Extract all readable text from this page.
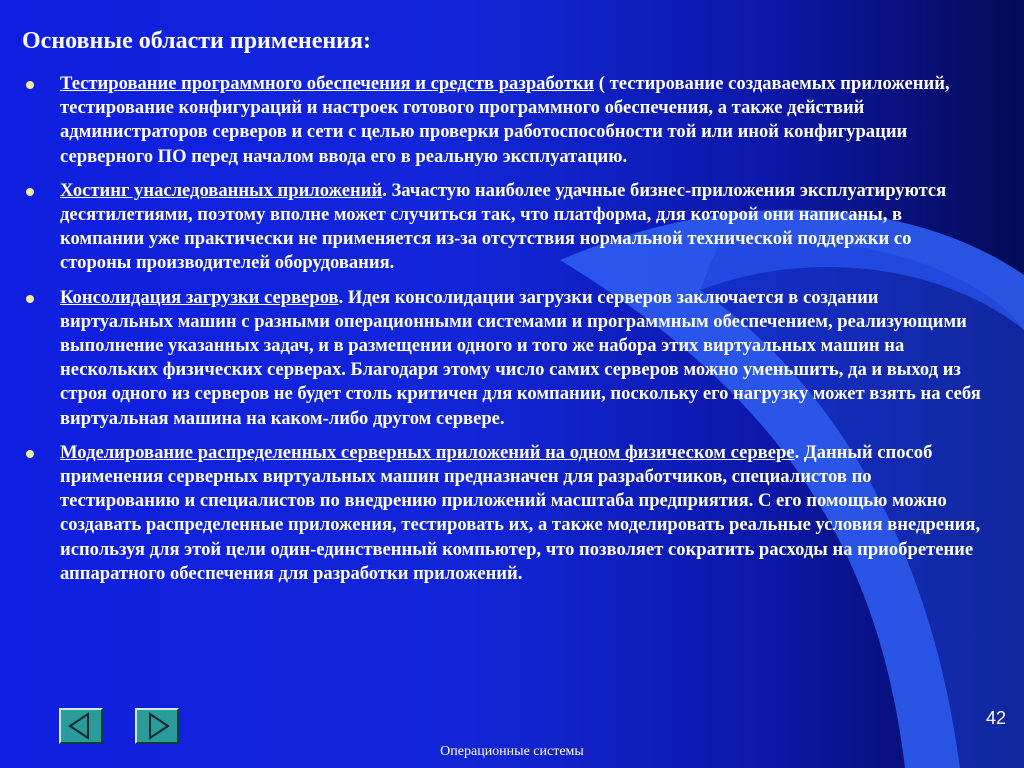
Основные области применения:
Тестирование программного обеспечения и средств разработки ( тестирование создаваемых приложений, тестирование конфигураций и настроек готового программного обеспечения, а также действий администраторов серверов и сети с целью проверки работоспособности той или иной конфигурации серверного ПО перед началом ввода его в реальную эксплуатацию.
Хостинг унаследованных приложений. Зачастую наиболее удачные бизнес-приложения эксплуатируются десятилетиями, поэтому вполне может случиться так, что платформа, для которой они написаны, в компании уже практически не применяется из-за отсутствия нормальной технической поддержки со стороны производителей оборудования.
Консолидация загрузки серверов. Идея консолидации загрузки серверов заключается в создании виртуальных машин с разными операционными системами и программным обеспечением, реализующими выполнение указанных задач, и в размещении одного и того же набора этих виртуальных машин на нескольких физических серверах. Благодаря этому число самих серверов можно уменьшить, да и выход из строя одного из серверов не будет столь критичен для компании, поскольку его нагрузку может взять на себя виртуальная машина на каком-либо другом сервере.
Моделирование распределенных серверных приложений на одном физическом сервере. Данный способ применения серверных виртуальных машин предназначен для разработчиков, специалистов по тестированию и специалистов по внедрению приложений масштаба предприятия. С его помощью можно создавать распределенные приложения, тестировать их, а также моделировать реальные условия внедрения, используя для этой цели один-единственный компьютер, что позволяет сократить расходы на приобретение аппаратного обеспечения для разработки приложений.
42
Операционные системы
